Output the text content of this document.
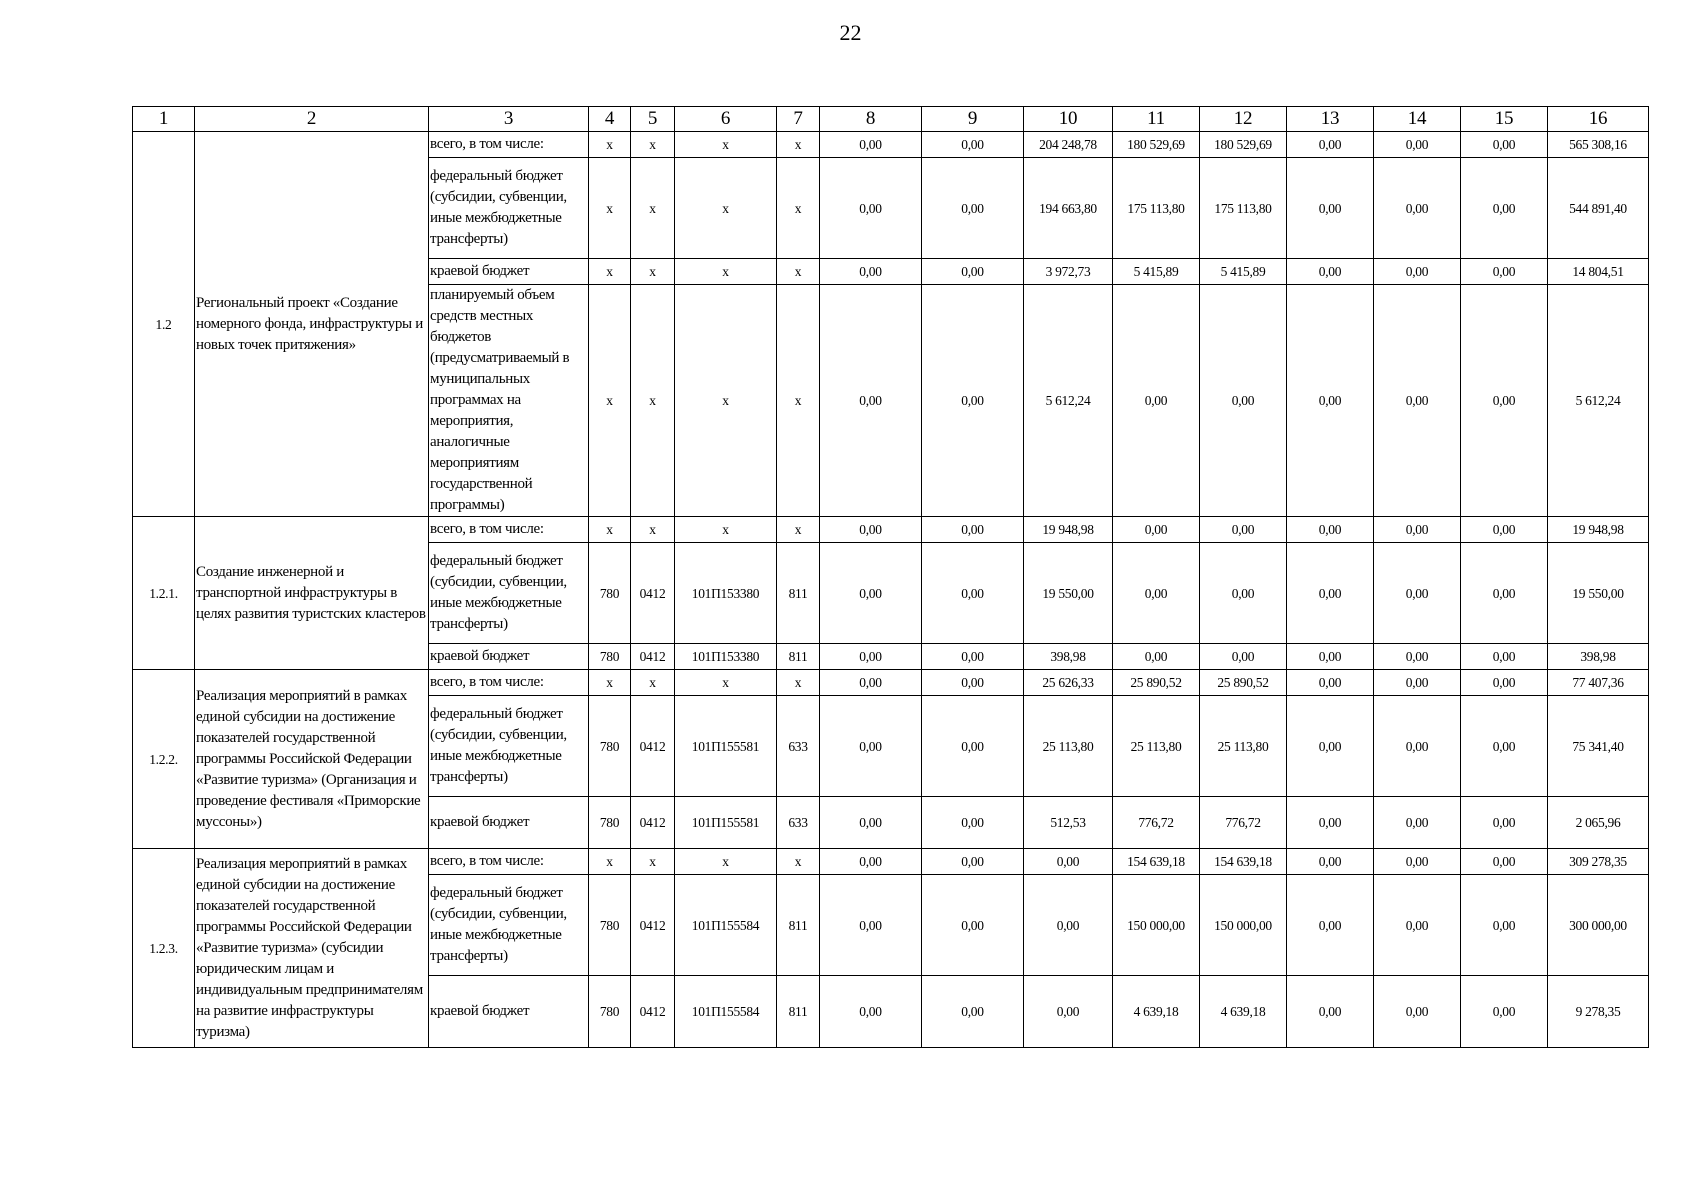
22
1	2	3	4	5	6	7	8	9	10	11	12	13	14	15	16
1.2	Региональный проект «Создание номерного фонда, инфраструктуры и новых точек притяжения»	всего, в том числе:	х	х	х	х	0,00	0,00	204 248,78	180 529,69	180 529,69	0,00	0,00	0,00	565 308,16
		федеральный бюджет (субсидии, субвенции, иные межбюджетные трансферты)	х	х	х	х	0,00	0,00	194 663,80	175 113,80	175 113,80	0,00	0,00	0,00	544 891,40
		краевой бюджет	х	х	х	х	0,00	0,00	3 972,73	5 415,89	5 415,89	0,00	0,00	0,00	14 804,51
		планируемый объем средств местных бюджетов (предусматриваемый в муниципальных программах на мероприятия, аналогичные мероприятиям государственной программы)	х	х	х	х	0,00	0,00	5 612,24	0,00	0,00	0,00	0,00	0,00	5 612,24
1.2.1.	Создание инженерной и транспортной инфраструктуры в целях развития туристских кластеров	всего, в том числе:	х	х	х	х	0,00	0,00	19 948,98	0,00	0,00	0,00	0,00	0,00	19 948,98
		федеральный бюджет (субсидии, субвенции, иные межбюджетные трансферты)	780	0412	101П153380	811	0,00	0,00	19 550,00	0,00	0,00	0,00	0,00	0,00	19 550,00
		краевой бюджет	780	0412	101П153380	811	0,00	0,00	398,98	0,00	0,00	0,00	0,00	0,00	398,98
1.2.2.	Реализация мероприятий в рамках единой субсидии на достижение показателей государственной программы Российской Федерации «Развитие туризма» (Организация и проведение фестиваля «Приморские муссоны»)	всего, в том числе:	х	х	х	х	0,00	0,00	25 626,33	25 890,52	25 890,52	0,00	0,00	0,00	77 407,36
		федеральный бюджет (субсидии, субвенции, иные межбюджетные трансферты)	780	0412	101П155581	633	0,00	0,00	25 113,80	25 113,80	25 113,80	0,00	0,00	0,00	75 341,40
		краевой бюджет	780	0412	101П155581	633	0,00	0,00	512,53	776,72	776,72	0,00	0,00	0,00	2 065,96
1.2.3.	Реализация мероприятий в рамках единой субсидии на достижение показателей государственной программы Российской Федерации «Развитие туризма» (субсидии юридическим лицам и индивидуальным предпринимателям на развитие инфраструктуры туризма)	всего, в том числе:	х	х	х	х	0,00	0,00	0,00	154 639,18	154 639,18	0,00	0,00	0,00	309 278,35
		федеральный бюджет (субсидии, субвенции, иные межбюджетные трансферты)	780	0412	101П155584	811	0,00	0,00	0,00	150 000,00	150 000,00	0,00	0,00	0,00	300 000,00
		краевой бюджет	780	0412	101П155584	811	0,00	0,00	0,00	4 639,18	4 639,18	0,00	0,00	0,00	9 278,35
